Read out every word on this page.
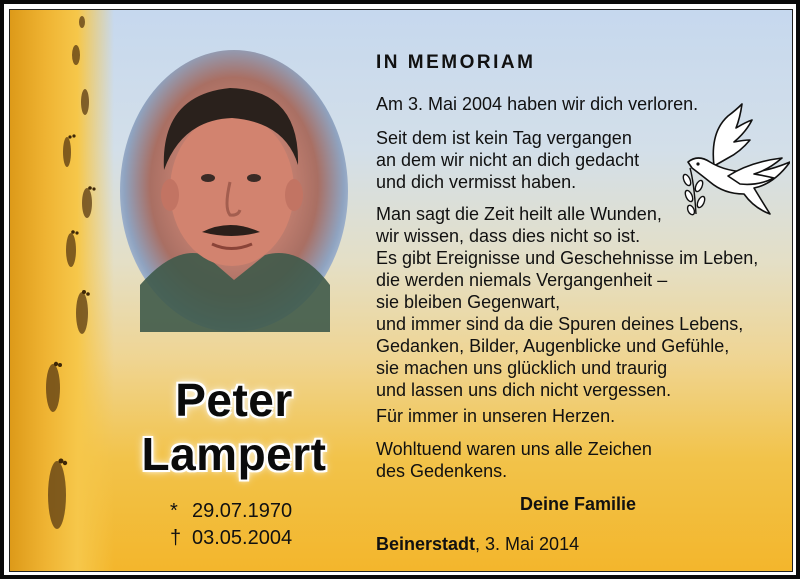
Peter
Lampert
* 29.07.1970
† 03.05.2004
IN MEMORIAM
Am 3. Mai 2004 haben wir dich verloren.
Seit dem ist kein Tag vergangen
an dem wir nicht an dich gedacht
und dich vermisst haben.
Man sagt die Zeit heilt alle Wunden,
wir wissen, dass dies nicht so ist.
Es gibt Ereignisse und Geschehnisse im Leben,
die werden niemals Vergangenheit –
sie bleiben Gegenwart,
und immer sind da die Spuren deines Lebens,
Gedanken, Bilder, Augenblicke und Gefühle,
sie machen uns glücklich und traurig
und lassen uns dich nicht vergessen.
Für immer in unseren Herzen.
Wohltuend waren uns alle Zeichen
des Gedenkens.
Deine Familie
Beinerstadt, 3. Mai 2014
